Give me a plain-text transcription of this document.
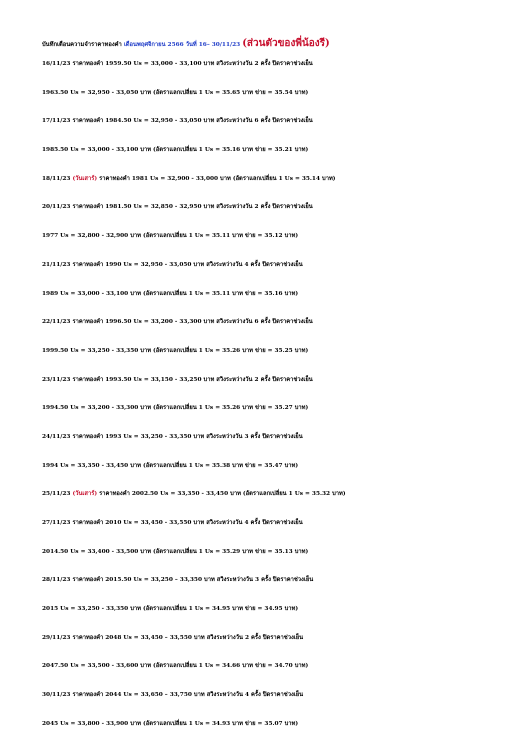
บันทึกเตือนความจำราคาทองคำ เดือนพฤศจิกายน 2566 วันที่ 16– 30/11/23 (ส่วนตัวของพี่น้องรี)
16/11/23 ราคาทองคำ 1959.50 Us = 33,000 - 33,100 บาท สวิงระหว่างวัน 2 ครั้ง ปิดราคาช่วงเย็น
1963.50 Us = 32,950 - 33,050 บาท (อัตราแลกเปลี่ยน 1 Us = 35.65 บาท ข่าย = 35.54 บาท)
17/11/23 ราคาทองคำ 1984.50 Us = 32,950 - 33,050 บาท สวิงระหว่างวัน 6 ครั้ง ปิดราคาช่วงเย็น
1985.50 Us = 33,000 - 33,100 บาท (อัตราแลกเปลี่ยน 1 Us = 35.16 บาท ข่าย = 35.21 บาท)
18/11/23 (วันเสาร์) ราคาทองคำ 1981 Us = 32,900 - 33,000 บาท (อัตราแลกเปลี่ยน 1 Us = 35.14 บาท)
20/11/23 ราคาทองคำ 1981.50 Us = 32,850 - 32,950 บาท สวิงระหว่างวัน 2 ครั้ง ปิดราคาช่วงเย็น
1977 Us = 32,800 - 32,900 บาท (อัตราแลกเปลี่ยน 1 Us = 35.11 บาท ข่าย = 35.12 บาท)
21/11/23 ราคาทองคำ 1990 Us = 32,950 - 33,050 บาท สวิงระหว่างวัน 4 ครั้ง ปิดราคาช่วงเย็น
1989 Us = 33,000 - 33,100 บาท (อัตราแลกเปลี่ยน 1 Us = 35.11 บาท ข่าย = 35.16 บาท)
22/11/23 ราคาทองคำ 1996.50 Us = 33,200 - 33,300 บาท สวิงระหว่างวัน 6 ครั้ง ปิดราคาช่วงเย็น
1999.50 Us = 33,250 - 33,350 บาท (อัตราแลกเปลี่ยน 1 Us = 35.26 บาท ข่าย = 35.25 บาท)
23/11/23 ราคาทองคำ 1993.50 Us = 33,150 - 33,250 บาท สวิงระหว่างวัน 2 ครั้ง ปิดราคาช่วงเย็น
1994.50 Us = 33,200 - 33,300 บาท (อัตราแลกเปลี่ยน 1 Us = 35.26 บาท ข่าย = 35.27 บาท)
24/11/23 ราคาทองคำ 1993 Us = 33,250 - 33,350 บาท สวิงระหว่างวัน 3 ครั้ง ปิดราคาช่วงเย็น
1994 Us = 33,350 - 33,450 บาท (อัตราแลกเปลี่ยน 1 Us = 35.38 บาท ข่าย = 35.47 บาท)
25/11/23 (วันเสาร์) ราคาทองคำ 2002.50 Us = 33,350 - 33,450 บาท (อัตราแลกเปลี่ยน 1 Us = 35.32 บาท)
27/11/23 ราคาทองคำ 2010 Us = 33,450 - 33,550 บาท สวิงระหว่างวัน 4 ครั้ง ปิดราคาช่วงเย็น
2014.50 Us = 33,400 - 33,500 บาท (อัตราแลกเปลี่ยน 1 Us = 35.29 บาท ข่าย = 35.13 บาท)
28/11/23 ราคาทองคำ 2015.50 Us = 33,250 – 33,350 บาท สวิงระหว่างวัน 3 ครั้ง ปิดราคาช่วงเย็น
2015 Us = 33,250 - 33,350 บาท (อัตราแลกเปลี่ยน 1 Us = 34.95 บาท ข่าย = 34.95 บาท)
29/11/23 ราคาทองคำ 2048 Us = 33,450 – 33,550 บาท สวิงระหว่างวัน 2 ครั้ง ปิดราคาช่วงเย็น
2047.50 Us = 33,500 - 33,600 บาท (อัตราแลกเปลี่ยน 1 Us = 34.66 บาท ข่าย = 34.70 บาท)
30/11/23 ราคาทองคำ 2044 Us = 33,650 – 33,750 บาท สวิงระหว่างวัน 4 ครั้ง ปิดราคาช่วงเย็น
2045 Us = 33,800 - 33,900 บาท (อัตราแลกเปลี่ยน 1 Us = 34.93 บาท ข่าย = 35.07 บาท)
